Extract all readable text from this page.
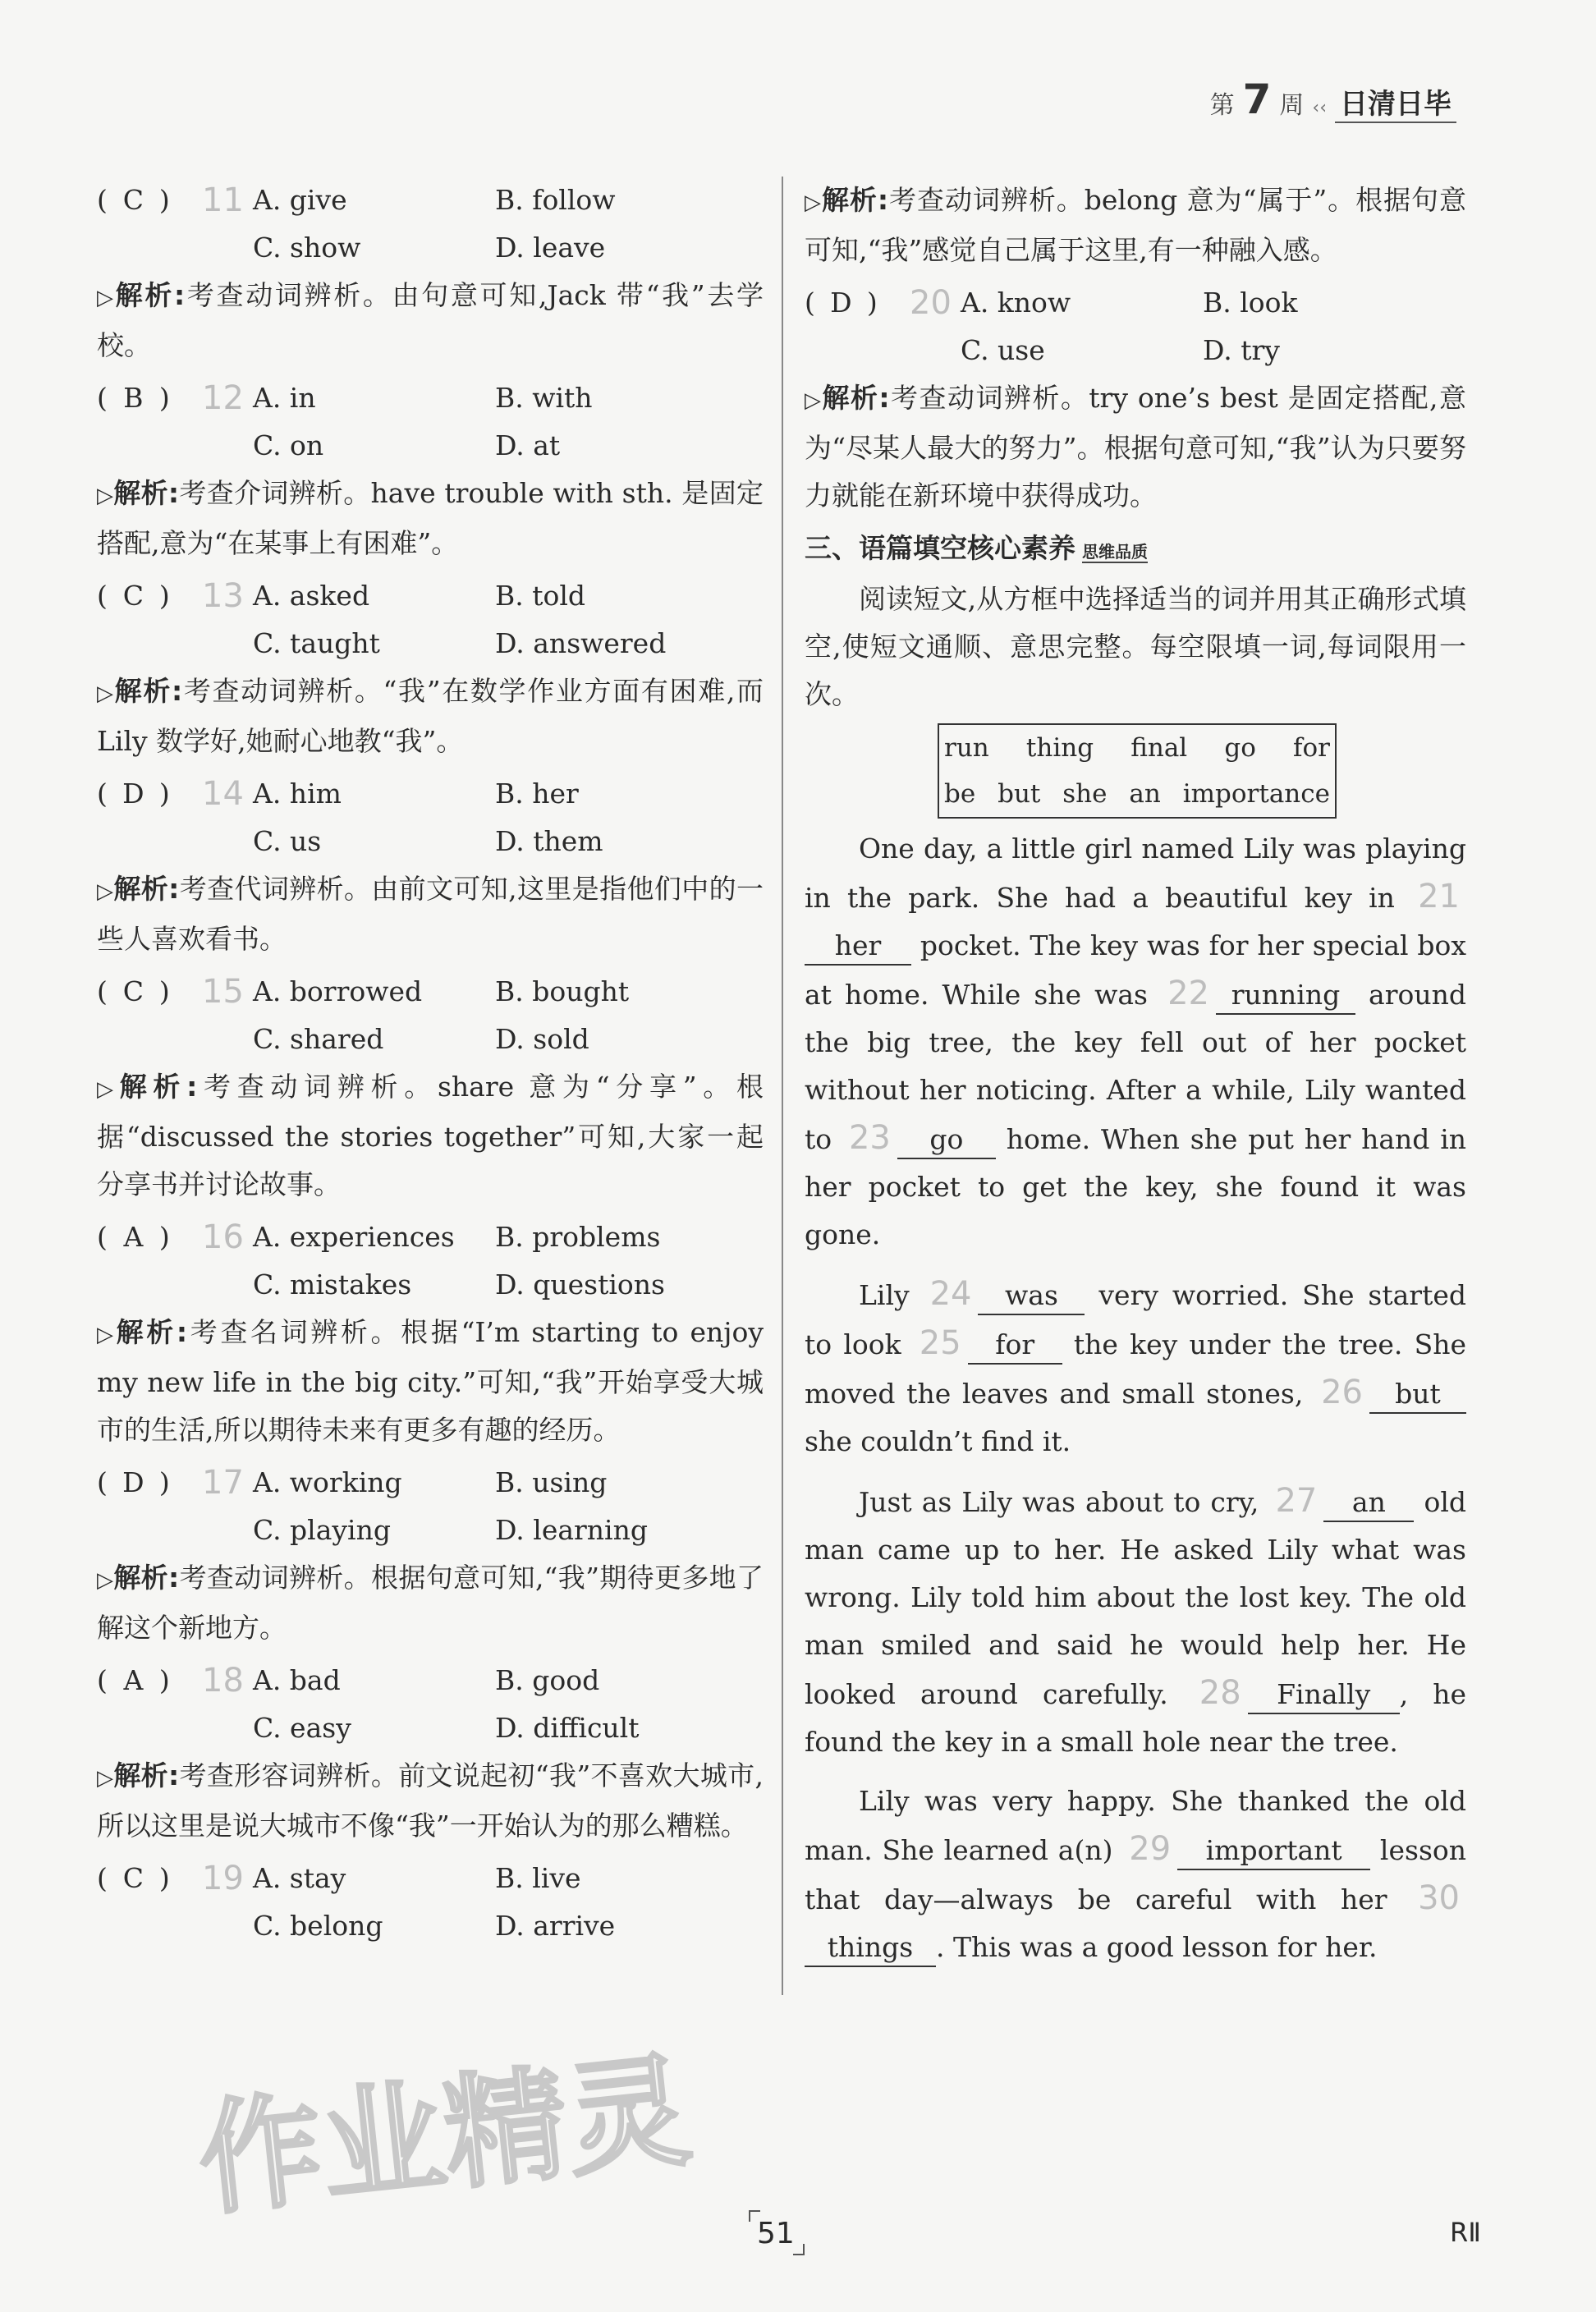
第 7 周 ‹‹ 日清日毕
( C ) 11 A. give	B. follow
C. show	D. leave
▷解析:考查动词辨析。由句意可知,Jack 带“我”去学校。
( B ) 12 A. in	B. with
C. on	D. at
▷解析:考查介词辨析。have trouble with sth. 是固定搭配,意为“在某事上有困难”。
( C ) 13 A. asked	B. told
C. taught	D. answered
▷解析:考查动词辨析。“我”在数学作业方面有困难,而 Lily 数学好,她耐心地教“我”。
( D ) 14 A. him	B. her
C. us	D. them
▷解析:考查代词辨析。由前文可知,这里是指他们中的一些人喜欢看书。
( C ) 15 A. borrowed	B. bought
C. shared	D. sold
▷解析:考查动词辨析。share 意为“分享”。根据“discussed the stories together”可知,大家一起分享书并讨论故事。
( A ) 16 A. experiences	B. problems
C. mistakes	D. questions
▷解析:考查名词辨析。根据“I’m starting to enjoy my new life in the big city.”可知,“我”开始享受大城市的生活,所以期待未来有更多有趣的经历。
( D ) 17 A. working	B. using
C. playing	D. learning
▷解析:考查动词辨析。根据句意可知,“我”期待更多地了解这个新地方。
( A ) 18 A. bad	B. good
C. easy	D. difficult
▷解析:考查形容词辨析。前文说起初“我”不喜欢大城市,所以这里是说大城市不像“我”一开始认为的那么糟糕。
( C ) 19 A. stay	B. live
C. belong	D. arrive
▷解析:考查动词辨析。belong 意为“属于”。根据句意可知,“我”感觉自己属于这里,有一种融入感。
( D ) 20 A. know	B. look
C. use	D. try
▷解析:考查动词辨析。try one’s best 是固定搭配,意为“尽某人最大的努力”。根据句意可知,“我”认为只要努力就能在新环境中获得成功。
三、语篇填空核心素养 思维品质
阅读短文,从方框中选择适当的词并用其正确形式填空,使短文通顺、意思完整。每空限填一词,每词限用一次。
run thing final go for
be but she an importance

One day, a little girl named Lily was playing in the park. She had a beautiful key in 21her pocket. The key was for her special box at home. While she was 22 running around the big tree, the key fell out of her pocket without her noticing. After a while, Lily wanted to 23 go home. When she put her hand in her pocket to get the key, she found it was gone.

Lily 24 was very worried. She started to look 25 for the key under the tree. She moved the leaves and small stones, 26 but she couldn’t find it.

Just as Lily was about to cry, 27 an old man came up to her. He asked Lily what was wrong. Lily told him about the lost key. The old man smiled and said he would help her. He looked around carefully. 28 Finally , he found the key in a small hole near the tree.

Lily was very happy. She thanked the old man. She learned a(n) 29 important lesson that day—always be careful with her 30things . This was a good lesson for her.

作业精灵
51	RⅡ
